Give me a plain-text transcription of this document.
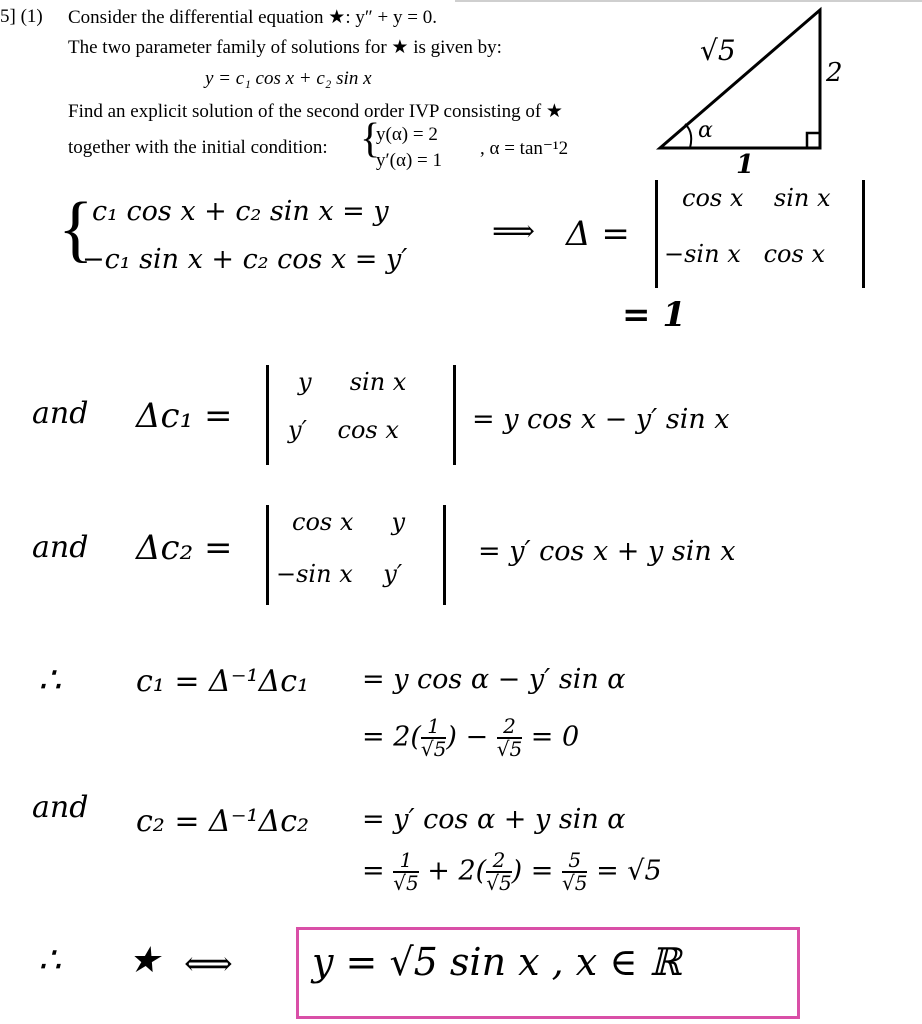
5] (1) Consider the differential equation ★: y″ + y = 0.
The two parameter family of solutions for ★ is given by:
y = c₁ cos x + c₂ sin x
Find an explicit solution of the second order IVP consisting of ★
together with the initial condition: {
y(α) = 2
y′(α) = 1
, α = tan⁻¹2
√5
2
1
α
{
c₁ cos x + c₂ sin x = y
−c₁ sin x + c₂ cos x = y′
⟹ Δ =
cos x    sin x
−sin x   cos x
= 1
and Δc₁ =
y     sin x
y′    cos x	= y cos x − y′ sin x
and Δc₂ =
cos x     y
−sin x    y′
= y′ cos x + y sin x
∴	c₁ = Δ⁻¹Δc₁ = y cos α − y′ sin α
= $2( \frac{1}{√5}$ ) − $\frac{2}{√5} = 0$
and c₂ = Δ⁻¹Δc₂ = y′ cos α + y sin α
= $\frac{1}{√5} + 2( \frac{2}{√5}$ ) = $\frac{5}{√5} = √5$
∴ ★ ⟺ y = √5 sin x , x ∈ ℝ
